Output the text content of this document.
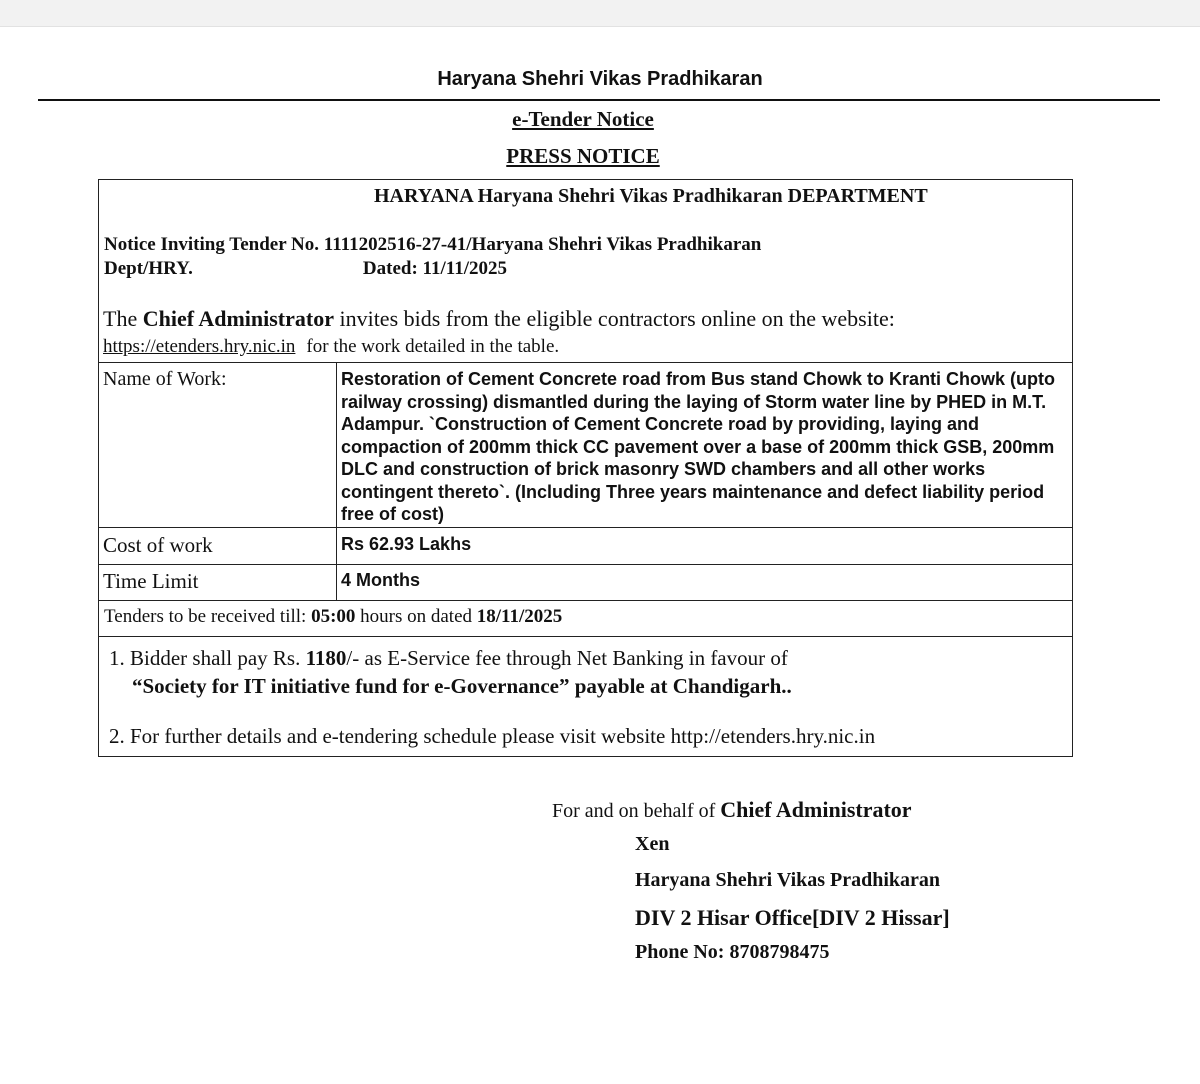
Haryana Shehri Vikas Pradhikaran
e-Tender Notice
PRESS NOTICE
HARYANA Haryana Shehri Vikas Pradhikaran DEPARTMENT
Notice Inviting Tender No. 1111202516-27-41/Haryana Shehri Vikas Pradhikaran
Dept/HRY.	Dated: 11/11/2025
The Chief Administrator invites bids from the eligible contractors online on the website:
https://etenders.hry.nic.in for the work detailed in the table.
Name of Work:	Restoration of Cement Concrete road from Bus stand Chowk to Kranti Chowk (upto railway crossing) dismantled during the laying of Storm water line by PHED in M.T. Adampur. `Construction of Cement Concrete road by providing, laying and compaction of 200mm thick CC pavement over a base of 200mm thick GSB, 200mm DLC and construction of brick masonry SWD chambers and all other works contingent thereto`. (Including Three years maintenance and defect liability period free of cost)
Cost of work	Rs 62.93 Lakhs
Time Limit	4 Months
Tenders to be received till: 05:00 hours on dated 18/11/2025
1. Bidder shall pay Rs. 1180/- as E-Service fee through Net Banking in favour of
“Society for IT initiative fund for e-Governance” payable at Chandigarh..
2. For further details and e-tendering schedule please visit website http://etenders.hry.nic.in
For and on behalf of Chief Administrator
Xen
Haryana Shehri Vikas Pradhikaran
DIV 2 Hisar Office[DIV 2 Hissar]
Phone No: 8708798475
